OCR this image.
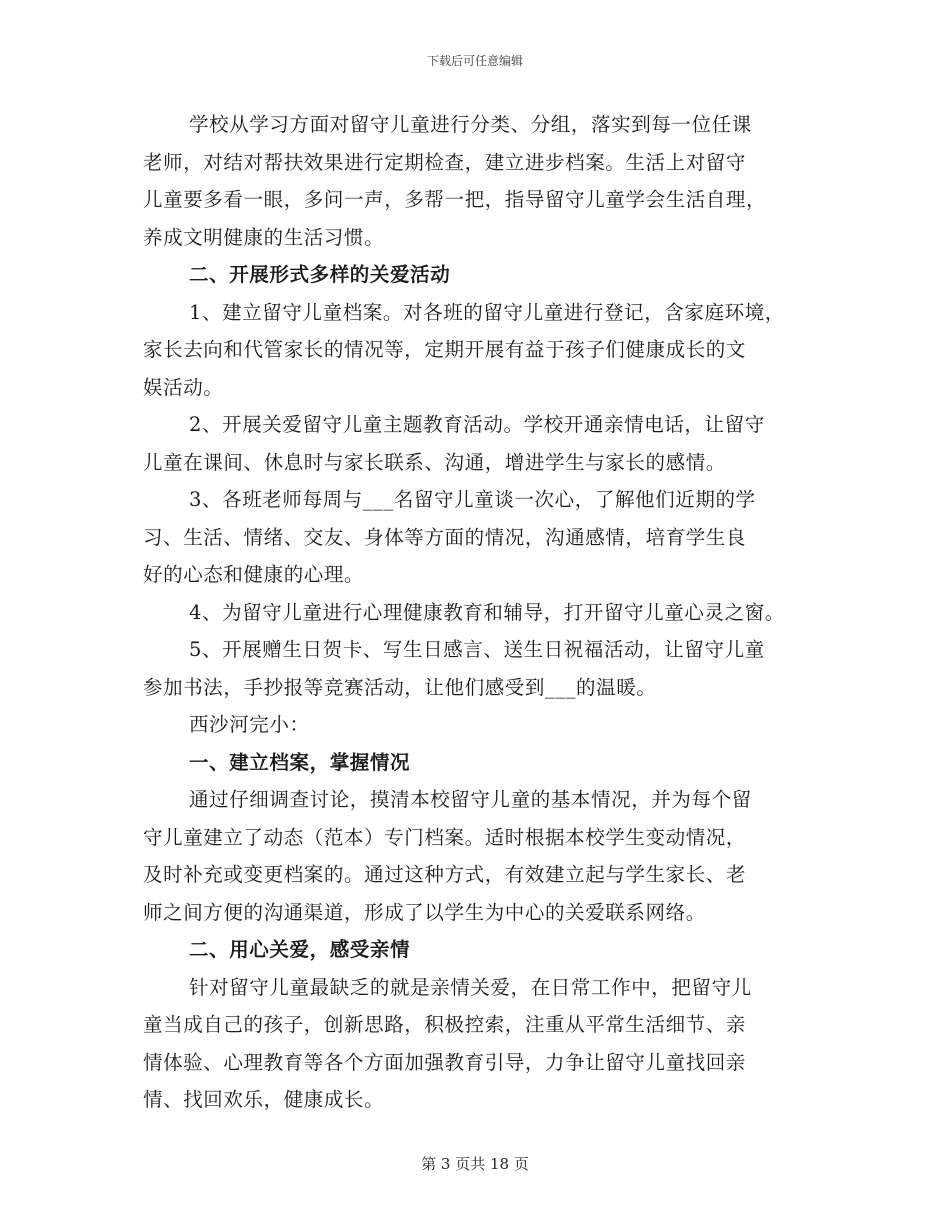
下载后可任意编辑

学校从学习方面对留守儿童进行分类、分组，落实到每一位任课
老师，对结对帮扶效果进行定期检查，建立进步档案。生活上对留守
儿童要多看一眼，多问一声，多帮一把，指导留守儿童学会生活自理，
养成文明健康的生活习惯。

二、开展形式多样的关爱活动

1、建立留守儿童档案。对各班的留守儿童进行登记，含家庭环境，
家长去向和代管家长的情况等，定期开展有益于孩子们健康成长的文
娱活动。

2、开展关爱留守儿童主题教育活动。学校开通亲情电话，让留守
儿童在课间、休息时与家长联系、沟通，增进学生与家长的感情。

3、各班老师每周与___名留守儿童谈一次心，了解他们近期的学
习、生活、情绪、交友、身体等方面的情况，沟通感情，培育学生良
好的心态和健康的心理。

4、为留守儿童进行心理健康教育和辅导，打开留守儿童心灵之窗。

5、开展赠生日贺卡、写生日感言、送生日祝福活动，让留守儿童
参加书法，手抄报等竞赛活动，让他们感受到___的温暖。

西沙河完小：

一、建立档案，掌握情况

通过仔细调查讨论，摸清本校留守儿童的基本情况，并为每个留
守儿童建立了动态（范本）专门档案。适时根据本校学生变动情况，
及时补充或变更档案的。通过这种方式，有效建立起与学生家长、老
师之间方便的沟通渠道，形成了以学生为中心的关爱联系网络。

二、用心关爱，感受亲情

针对留守儿童最缺乏的就是亲情关爱，在日常工作中，把留守儿
童当成自己的孩子，创新思路，积极控索，注重从平常生活细节、亲
情体验、心理教育等各个方面加强教育引导，力争让留守儿童找回亲
情、找回欢乐，健康成长。

第 3 页共 18 页
